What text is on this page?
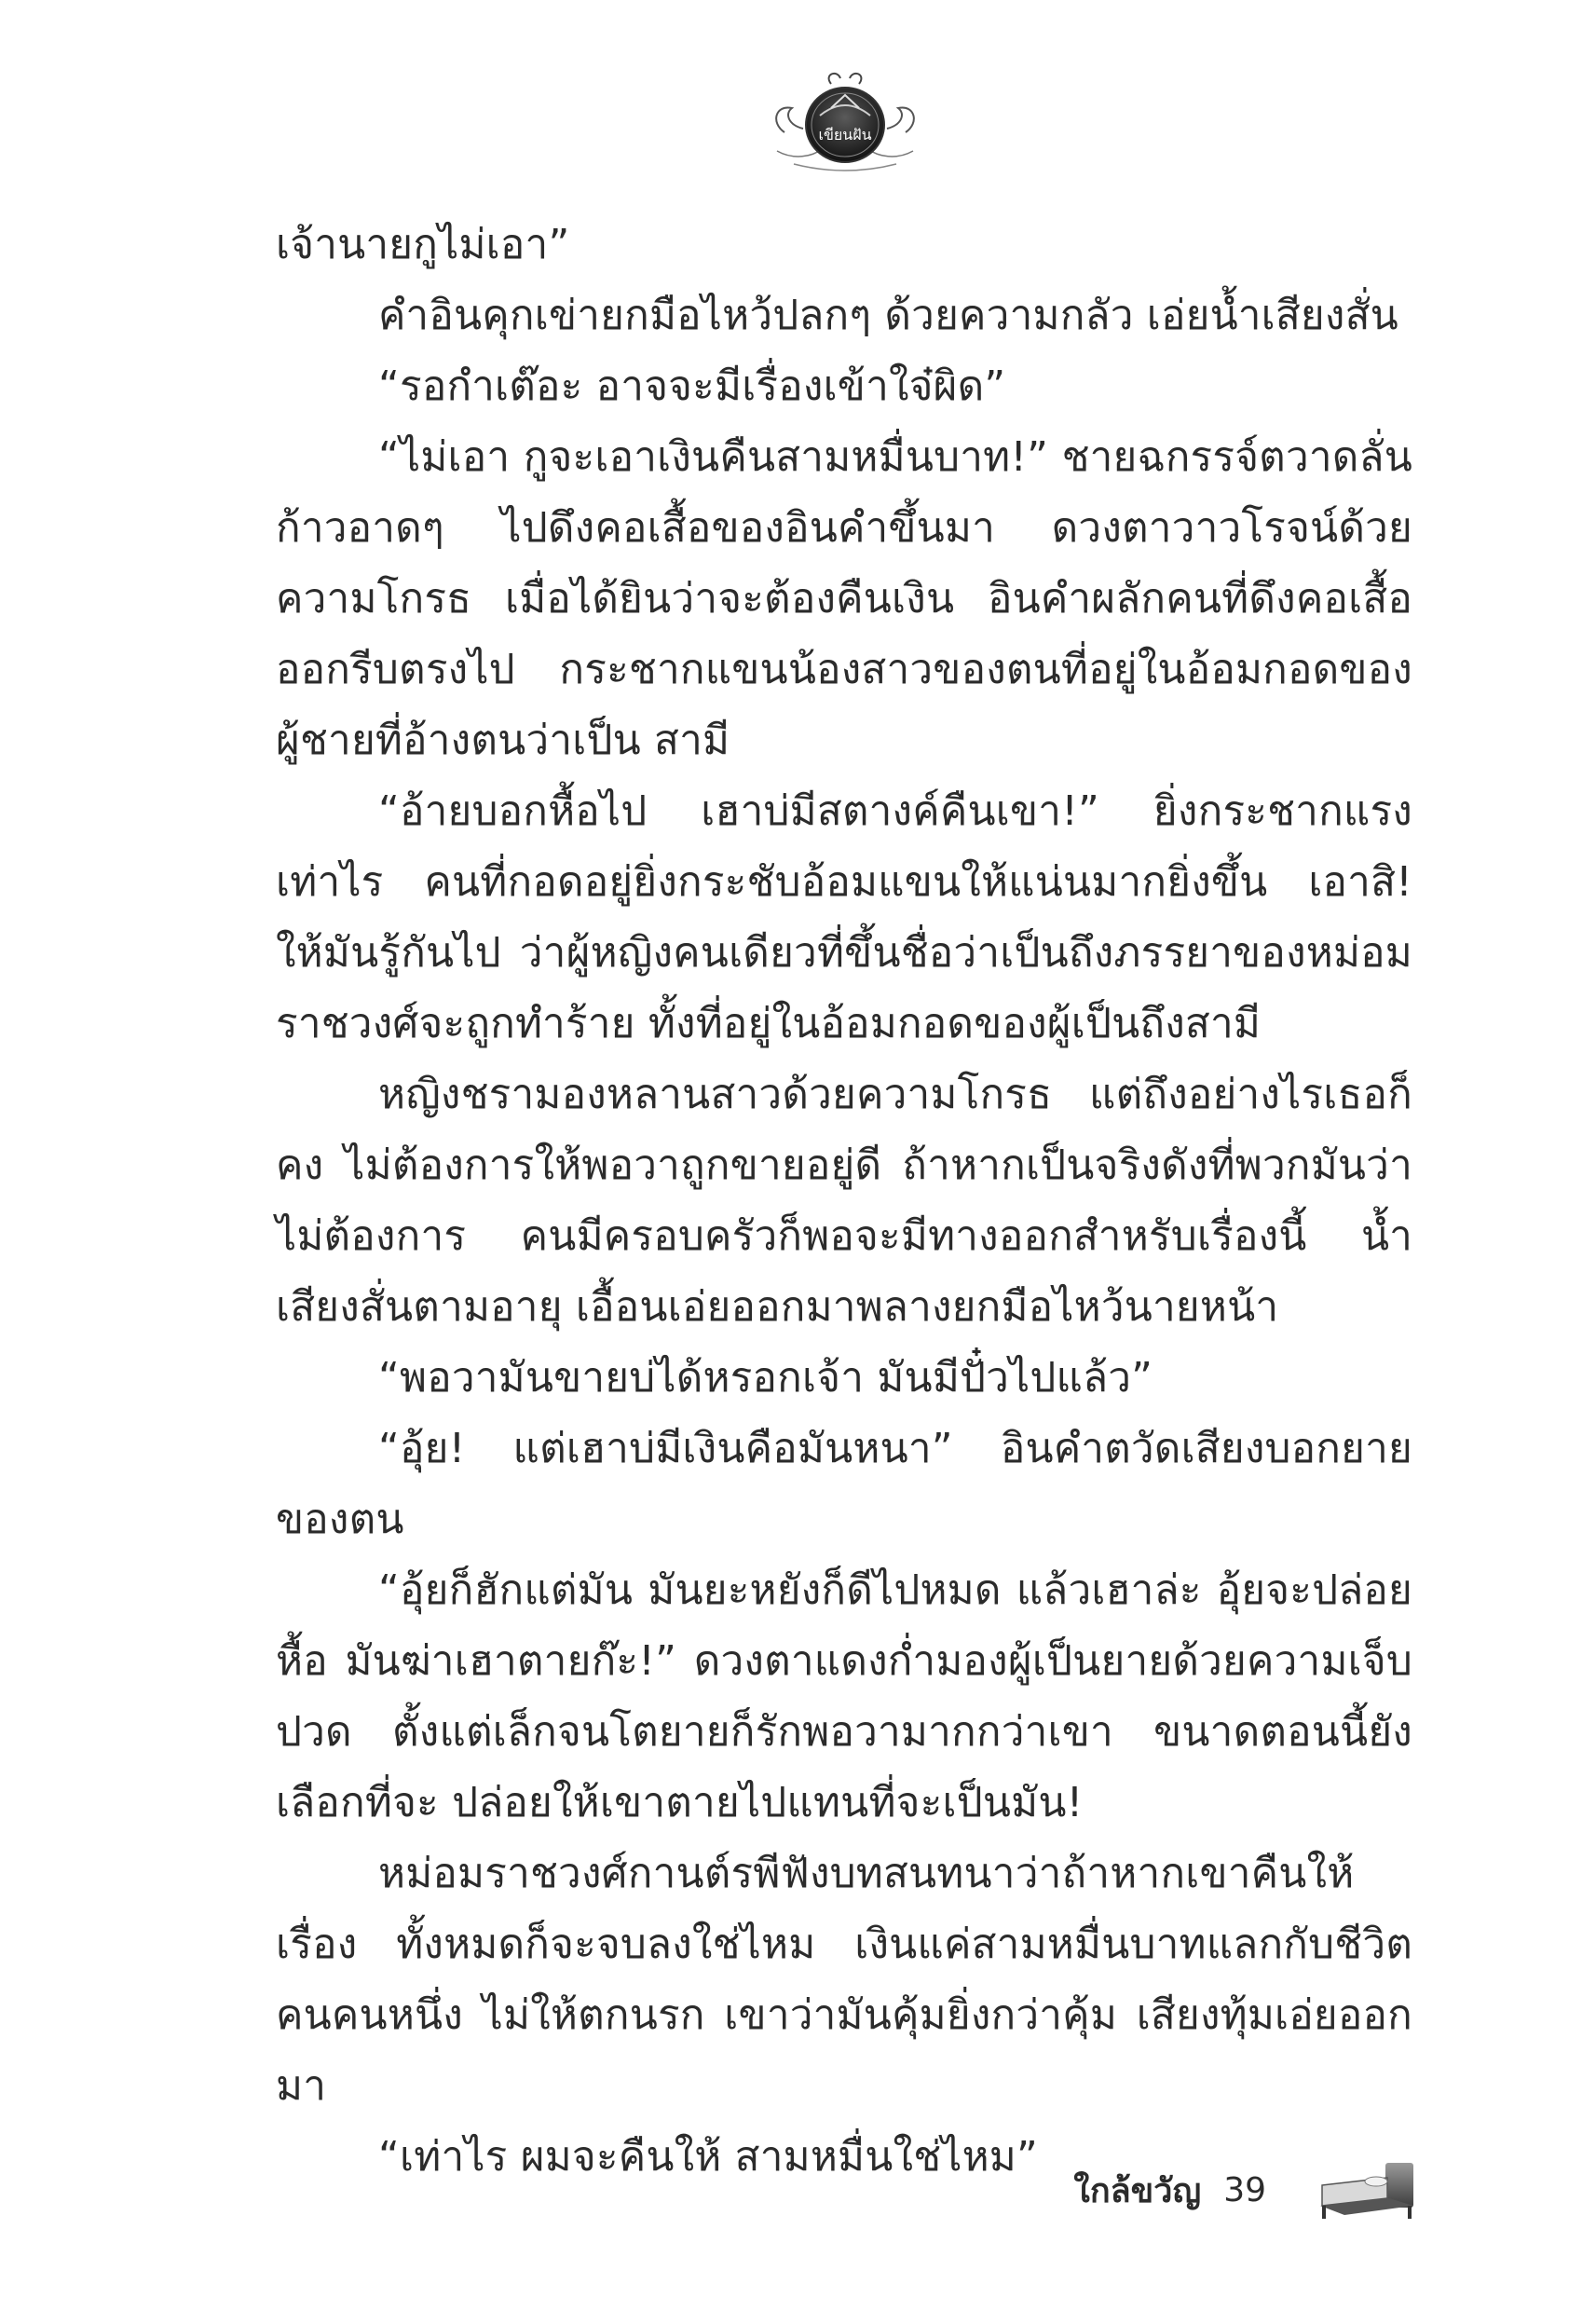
เขียนฝัน

เจ้านายกูไม่เอา”

คำอินคุกเข่ายกมือไหว้ปลกๆ ด้วยความกลัว เอ่ยน้ำเสียงสั่น

“รอกำเต๊อะ อาจจะมีเรื่องเข้าใจ๋ผิด”

“ไม่เอา กูจะเอาเงินคืนสามหมื่นบาท!” ชายฉกรรจ์ตวาดลั่น ก้าวอาดๆ ไปดึงคอเสื้อของอินคำขึ้นมา ดวงตาวาวโรจน์ด้วยความโกรธ เมื่อได้ยินว่าจะต้องคืนเงิน อินคำผลักคนที่ดึงคอเสื้อออกรีบตรงไป กระชากแขนน้องสาวของตนที่อยู่ในอ้อมกอดของผู้ชายที่อ้างตนว่าเป็น สามี

“อ้ายบอกหื้อไป เฮาบ่มีสตางค์คืนเขา!” ยิ่งกระชากแรงเท่าไร คนที่กอดอยู่ยิ่งกระชับอ้อมแขนให้แน่นมากยิ่งขึ้น เอาสิ! ให้มันรู้กันไป ว่าผู้หญิงคนเดียวที่ขึ้นชื่อว่าเป็นถึงภรรยาของหม่อมราชวงศ์จะถูกทำร้าย ทั้งที่อยู่ในอ้อมกอดของผู้เป็นถึงสามี

หญิงชรามองหลานสาวด้วยความโกรธ แต่ถึงอย่างไรเธอก็คง ไม่ต้องการให้พอวาถูกขายอยู่ดี ถ้าหากเป็นจริงดังที่พวกมันว่าไม่ต้องการ คนมีครอบครัวก็พอจะมีทางออกสำหรับเรื่องนี้ น้ำเสียงสั่นตามอายุ เอื้อนเอ่ยออกมาพลางยกมือไหว้นายหน้า

“พอวามันขายบ่ได้หรอกเจ้า มันมีปั๋วไปแล้ว”

“อุ้ย! แต่เฮาบ่มีเงินคือมันหนา” อินคำตวัดเสียงบอกยายของตน

“อุ้ยก็ฮักแต่มัน มันยะหยังก็ดีไปหมด แล้วเฮาล่ะ อุ้ยจะปล่อยหื้อ มันฆ่าเฮาตายก๊ะ!” ดวงตาแดงก่ำมองผู้เป็นยายด้วยความเจ็บปวด ตั้งแต่เล็กจนโตยายก็รักพอวามากกว่าเขา ขนาดตอนนี้ยังเลือกที่จะ ปล่อยให้เขาตายไปแทนที่จะเป็นมัน!

หม่อมราชวงศ์กานต์รพีฟังบทสนทนาว่าถ้าหากเขาคืนให้เรื่อง ทั้งหมดก็จะจบลงใช่ไหม เงินแค่สามหมื่นบาทแลกกับชีวิตคนคนหนึ่ง ไม่ให้ตกนรก เขาว่ามันคุ้มยิ่งกว่าคุ้ม เสียงทุ้มเอ่ยออกมา

“เท่าไร ผมจะคืนให้ สามหมื่นใช่ไหม”

ใกล้ขวัญ 39
